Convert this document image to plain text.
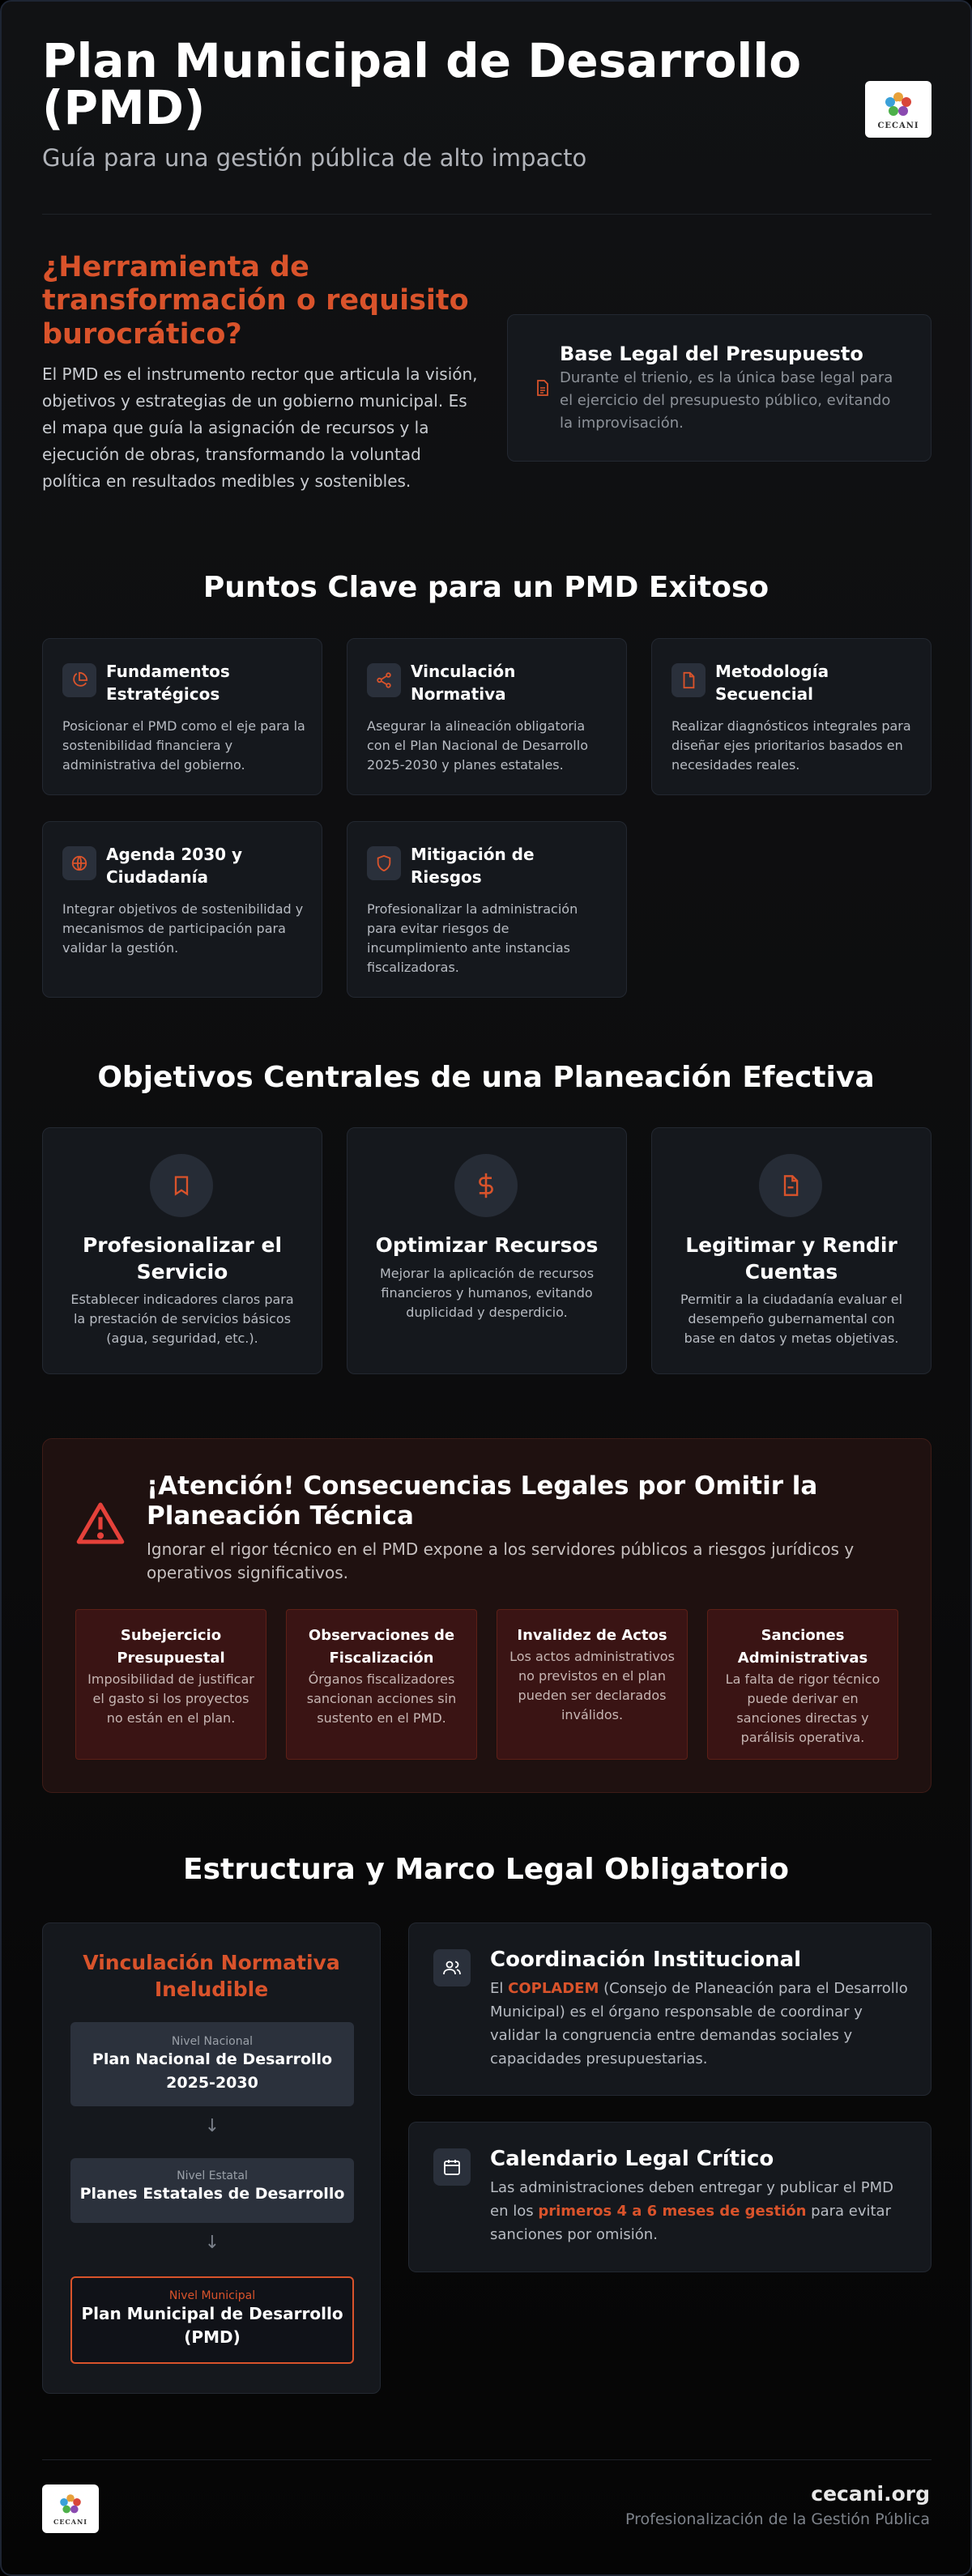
Plan Municipal de Desarrollo (PMD)
Guía para una gestión pública de alto impacto
CECANI
¿Herramienta de transformación o requisito burocrático?
El PMD es el instrumento rector que articula la visión, objetivos y estrategias de un gobierno municipal. Es el mapa que guía la asignación de recursos y la ejecución de obras, transformando la voluntad política en resultados medibles y sostenibles.
Base Legal del Presupuesto
Durante el trienio, es la única base legal para el ejercicio del presupuesto público, evitando la improvisación.
Puntos Clave para un PMD Exitoso
Fundamentos Estratégicos
Posicionar el PMD como el eje para la sostenibilidad financiera y administrativa del gobierno.
Vinculación Normativa
Asegurar la alineación obligatoria con el Plan Nacional de Desarrollo 2025-2030 y planes estatales.
Metodología Secuencial
Realizar diagnósticos integrales para diseñar ejes prioritarios basados en necesidades reales.
Agenda 2030 y Ciudadanía
Integrar objetivos de sostenibilidad y mecanismos de participación para validar la gestión.
Mitigación de Riesgos
Profesionalizar la administración para evitar riesgos de incumplimiento ante instancias fiscalizadoras.
Objetivos Centrales de una Planeación Efectiva
Profesionalizar el Servicio
Establecer indicadores claros para la prestación de servicios básicos (agua, seguridad, etc.).
Optimizar Recursos
Mejorar la aplicación de recursos financieros y humanos, evitando duplicidad y desperdicio.
Legitimar y Rendir Cuentas
Permitir a la ciudadanía evaluar el desempeño gubernamental con base en datos y metas objetivas.
¡Atención! Consecuencias Legales por Omitir la Planeación Técnica
Ignorar el rigor técnico en el PMD expone a los servidores públicos a riesgos jurídicos y operativos significativos.
Subejercicio Presupuestal
Imposibilidad de justificar el gasto si los proyectos no están en el plan.
Observaciones de Fiscalización
Órganos fiscalizadores sancionan acciones sin sustento en el PMD.
Invalidez de Actos
Los actos administrativos no previstos en el plan pueden ser declarados inválidos.
Sanciones Administrativas
La falta de rigor técnico puede derivar en sanciones directas y parálisis operativa.
Estructura y Marco Legal Obligatorio
Vinculación Normativa Ineludible
Nivel Nacional
Plan Nacional de Desarrollo 2025-2030
↓
Nivel Estatal
Planes Estatales de Desarrollo
↓
Nivel Municipal
Plan Municipal de Desarrollo (PMD)
Coordinación Institucional
El COPLADEM (Consejo de Planeación para el Desarrollo Municipal) es el órgano responsable de coordinar y validar la congruencia entre demandas sociales y capacidades presupuestarias.
Calendario Legal Crítico
Las administraciones deben entregar y publicar el PMD en los primeros 4 a 6 meses de gestión para evitar sanciones por omisión.
CECANI
cecani.org
Profesionalización de la Gestión Pública
